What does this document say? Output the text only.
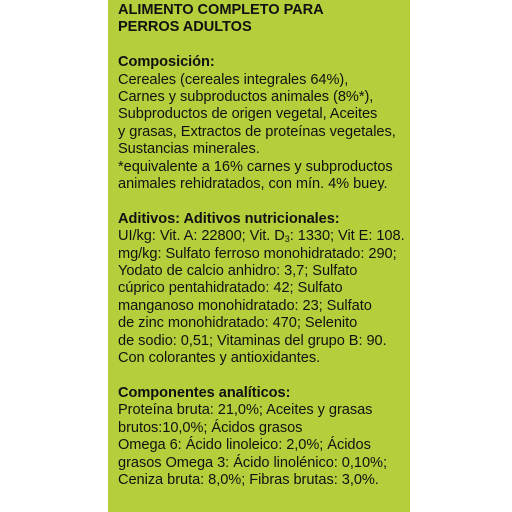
ALIMENTO COMPLETO PARA
PERROS ADULTOS
Composición:
Cereales (cereales integrales 64%),
Carnes y subproductos animales (8%*),
Subproductos de origen vegetal, Aceites
y grasas, Extractos de proteínas vegetales,
Sustancias minerales.
*equivalente a 16% carnes y subproductos
animales rehidratados, con mín. 4% buey.
Aditivos: Aditivos nutricionales:
UI/kg: Vit. A: 22800; Vit. $D_3$: 1330; Vit E: 108.
mg/kg: Sulfato ferroso monohidratado: 290;
Yodato de calcio anhidro: 3,7; Sulfato
cúprico pentahidratado: 42; Sulfato
manganoso monohidratado: 23; Sulfato
de zinc monohidratado: 470; Selenito
de sodio: 0,51; Vitaminas del grupo B: 90.
Con colorantes y antioxidantes.
Componentes analíticos:
Proteína bruta: 21,0%; Aceites y grasas
brutos:10,0%; Ácidos grasos
Omega 6: Ácido linoleico: 2,0%; Ácidos
grasos Omega 3: Ácido linolénico: 0,10%;
Ceniza bruta: 8,0%; Fibras brutas: 3,0%.
